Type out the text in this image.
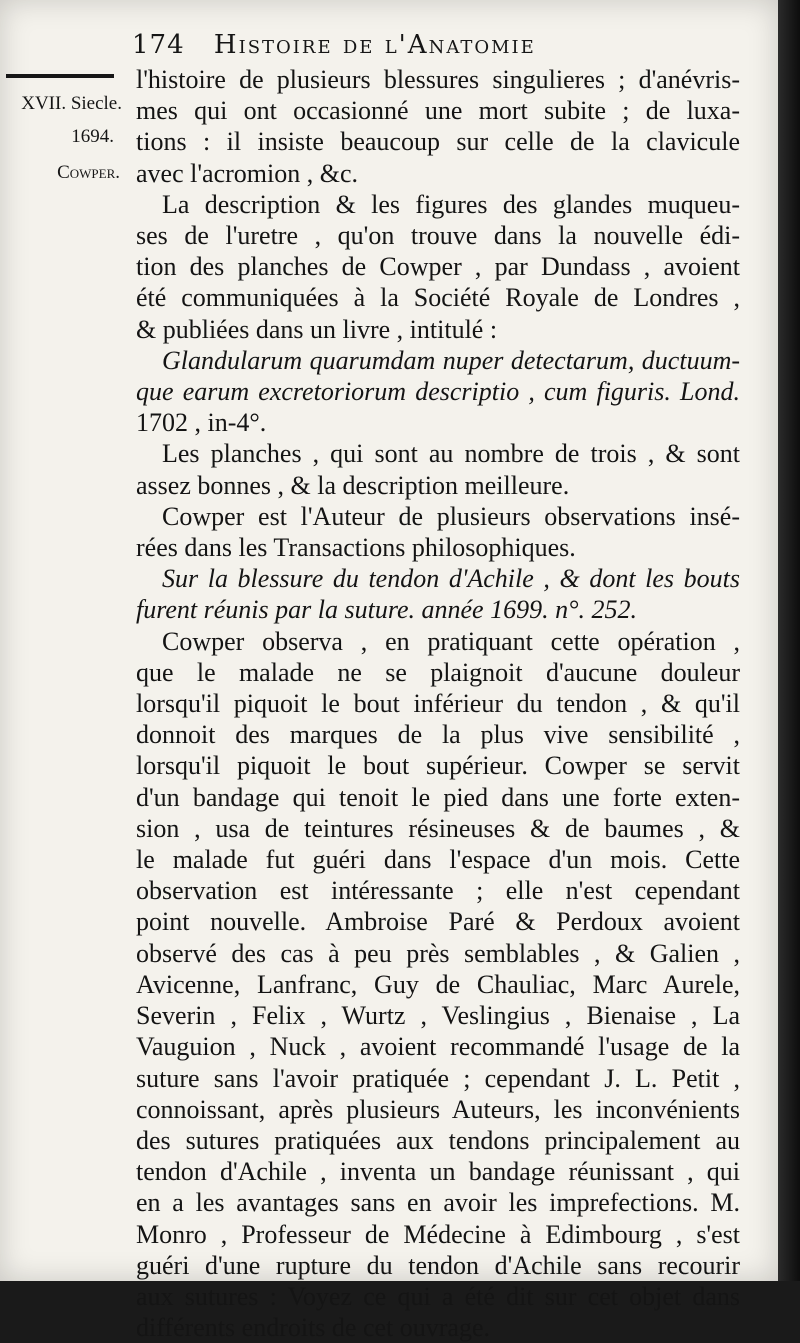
174 Histoire de l'Anatomie
XVII. Siecle.
1694.
Cowper.
l'histoire de plusieurs blessures singulieres ; d'anévris-
mes qui ont occasionné une mort subite ; de luxa-
tions : il insiste beaucoup sur celle de la clavicule
avec l'acromion , &c.
La description & les figures des glandes muqueu-
ses de l'uretre , qu'on trouve dans la nouvelle édi-
tion des planches de Cowper , par Dundass , avoient
été communiquées à la Société Royale de Londres ,
& publiées dans un livre , intitulé :
Glandularum quarumdam nuper detectarum, ductuum-
que earum excretoriorum descriptio , cum figuris. Lond.
1702 , in-4°.
Les planches , qui sont au nombre de trois , & sont
assez bonnes , & la description meilleure.
Cowper est l'Auteur de plusieurs observations insé-
rées dans les Transactions philosophiques.
Sur la blessure du tendon d'Achile , & dont les bouts
furent réunis par la suture. année 1699. n°. 252.
Cowper observa , en pratiquant cette opération ,
que le malade ne se plaignoit d'aucune douleur
lorsqu'il piquoit le bout inférieur du tendon , & qu'il
donnoit des marques de la plus vive sensibilité ,
lorsqu'il piquoit le bout supérieur. Cowper se servit
d'un bandage qui tenoit le pied dans une forte exten-
sion , usa de teintures résineuses & de baumes , &
le malade fut guéri dans l'espace d'un mois. Cette
observation est intéressante ; elle n'est cependant
point nouvelle. Ambroise Paré & Perdoux avoient
observé des cas à peu près semblables , & Galien ,
Avicenne, Lanfranc, Guy de Chauliac, Marc Aurele,
Severin , Felix , Wurtz , Veslingius , Bienaise , La
Vauguion , Nuck , avoient recommandé l'usage de la
suture sans l'avoir pratiquée ; cependant J. L. Petit ,
connoissant, après plusieurs Auteurs, les inconvénients
des sutures pratiquées aux tendons principalement au
tendon d'Achile , inventa un bandage réunissant , qui
en a les avantages sans en avoir les imprefections. M.
Monro , Professeur de Médecine à Edimbourg , s'est
guéri d'une rupture du tendon d'Achile sans recourir
aux sutures : Voyez ce qui a été dit sur cet objet dans
différents endroits de cet ouvrage.
